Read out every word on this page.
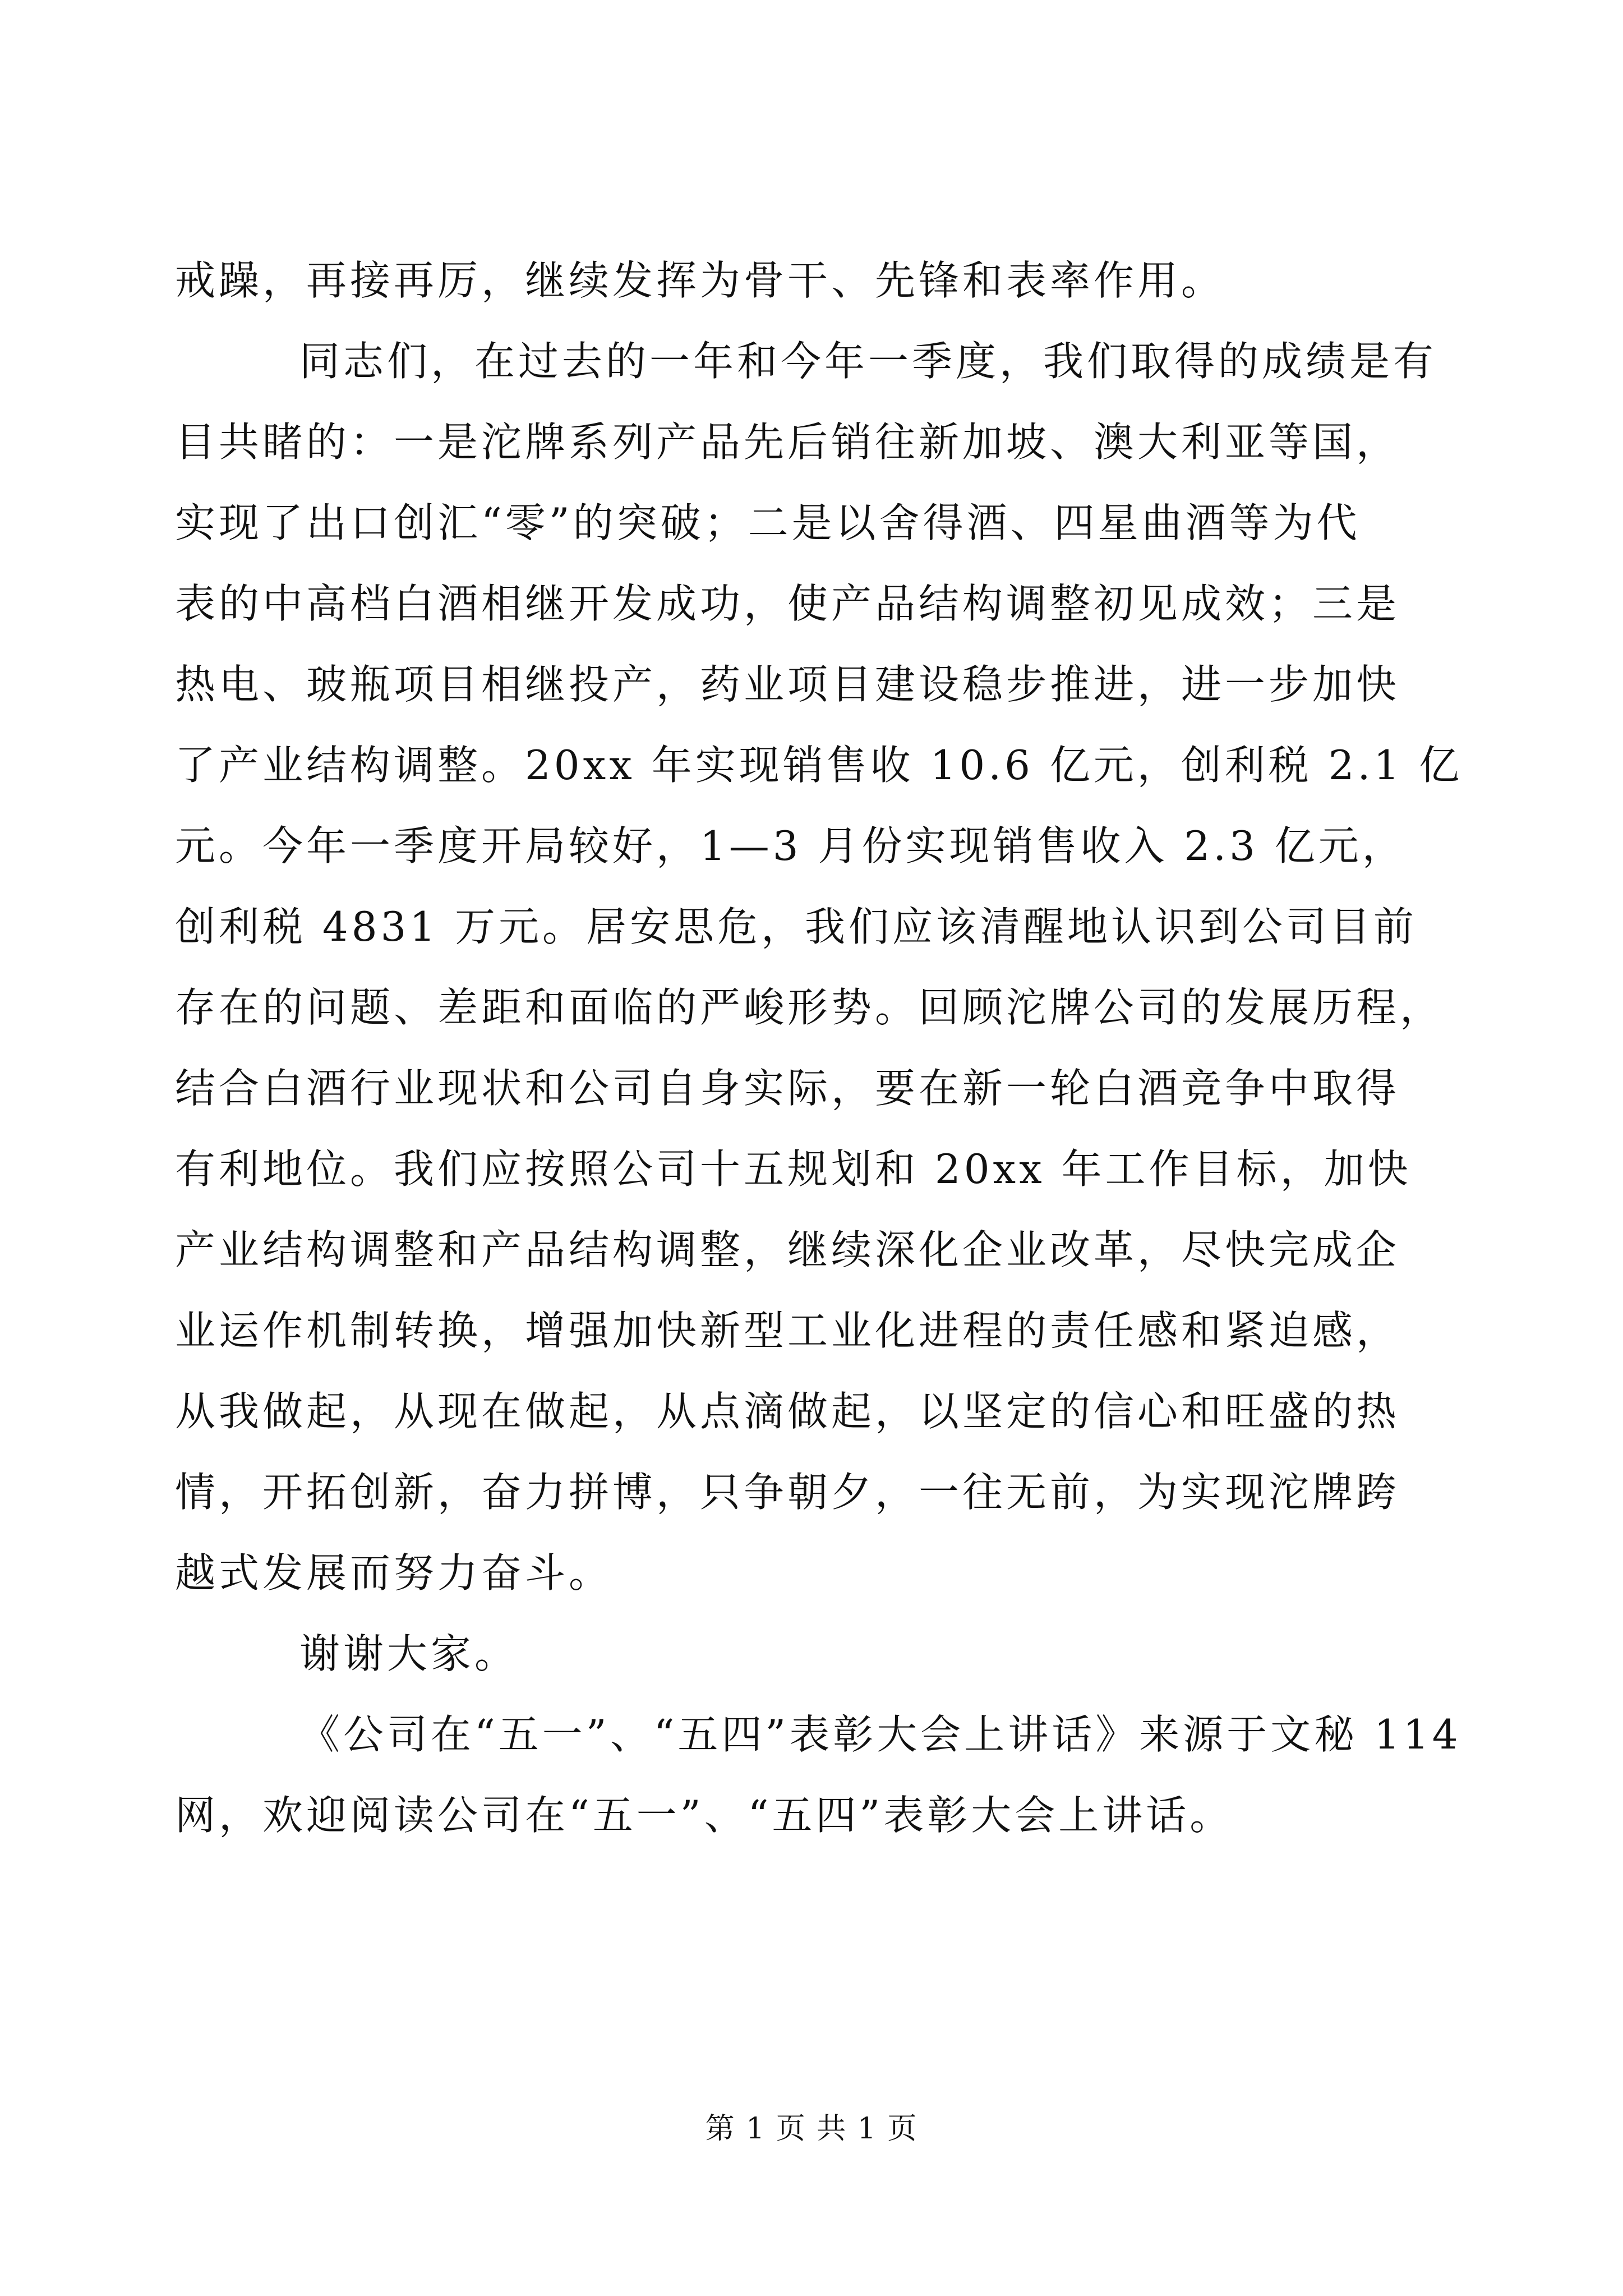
戒躁，再接再厉，继续发挥为骨干、先锋和表率作用。
同志们，在过去的一年和今年一季度，我们取得的成绩是有
目共睹的：一是沱牌系列产品先后销往新加坡、澳大利亚等国，
实现了出口创汇“零”的突破；二是以舍得酒、四星曲酒等为代
表的中高档白酒相继开发成功，使产品结构调整初见成效；三是
热电、玻瓶项目相继投产，药业项目建设稳步推进，进一步加快
了产业结构调整。20xx 年实现销售收 10.6 亿元，创利税 2.1 亿
元。今年一季度开局较好，1—3 月份实现销售收入 2.3 亿元，
创利税 4831 万元。居安思危，我们应该清醒地认识到公司目前
存在的问题、差距和面临的严峻形势。回顾沱牌公司的发展历程，
结合白酒行业现状和公司自身实际，要在新一轮白酒竞争中取得
有利地位。我们应按照公司十五规划和 20xx 年工作目标，加快
产业结构调整和产品结构调整，继续深化企业改革，尽快完成企
业运作机制转换，增强加快新型工业化进程的责任感和紧迫感，
从我做起，从现在做起，从点滴做起，以坚定的信心和旺盛的热
情，开拓创新，奋力拼博，只争朝夕，一往无前，为实现沱牌跨
越式发展而努力奋斗。
谢谢大家。
《公司在“五一”、“五四”表彰大会上讲话》来源于文秘 114
网，欢迎阅读公司在“五一”、“五四”表彰大会上讲话。
第 1 页 共 1 页
